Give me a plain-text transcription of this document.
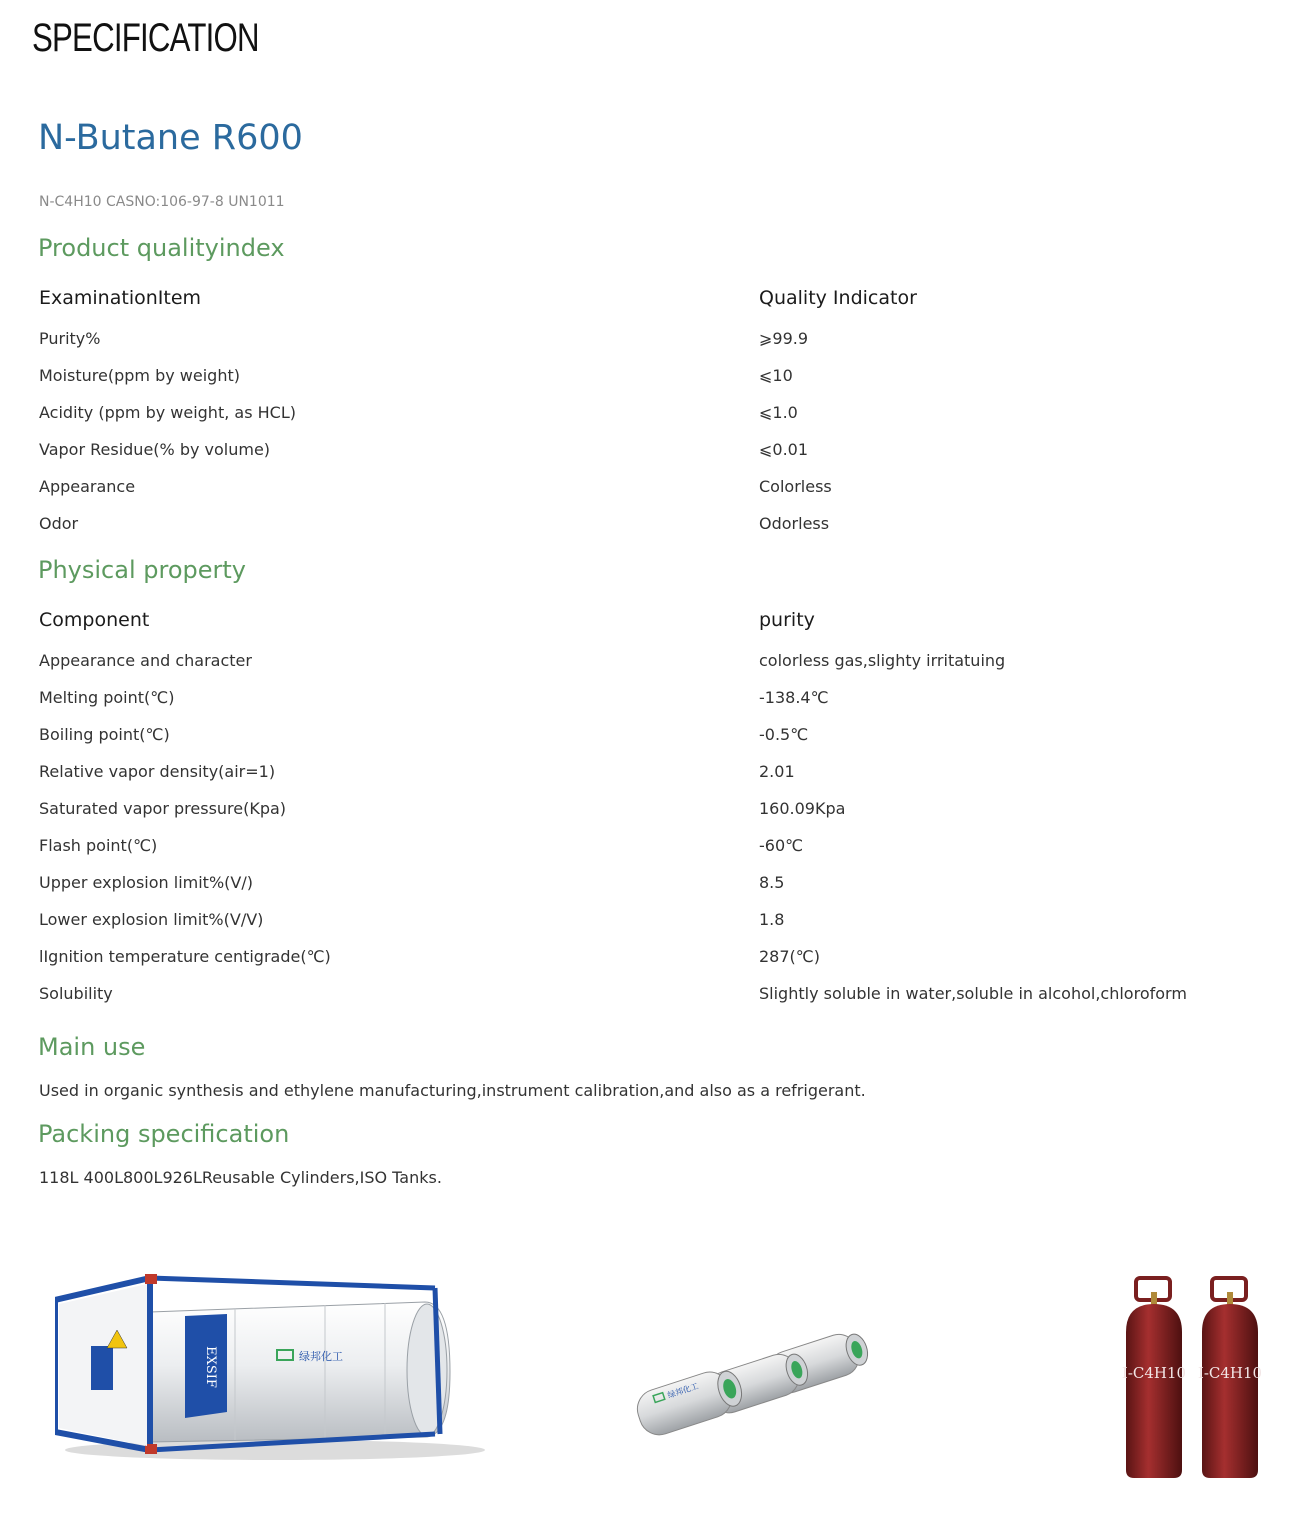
SPECIFICATION
N-Butane R600
N-C4H10 CASNO:106-97-8 UN1011
Product qualityindex
ExaminationItem	Quality Indicator
Purity%	⩾99.9
Moisture(ppm by weight)	⩽10
Acidity (ppm by weight, as HCL)	⩽1.0
Vapor Residue(% by volume)	⩽0.01
Appearance	Colorless
Odor	Odorless
Physical property
Component	purity
Appearance and character	colorless gas,slighty irritatuing
Melting point(℃)	-138.4℃
Boiling point(℃)	-0.5℃
Relative vapor density(air=1)	2.01
Saturated vapor pressure(Kpa)	160.09Kpa
Flash point(℃)	-60℃
Upper explosion limit%(V/)	8.5
Lower explosion limit%(V/V)	1.8
lIgnition temperature centigrade(℃)	287(℃)
Solubility	Slightly soluble in water,soluble in alcohol,chloroform
Main use
Used in organic synthesis and ethylene manufacturing,instrument calibration,and also as a refrigerant.
Packing specification
118L 400L800L926LReusable Cylinders,ISO Tanks.
EXSIF	绿邦化工
绿邦化工
I-C4H10 I-C4H10
